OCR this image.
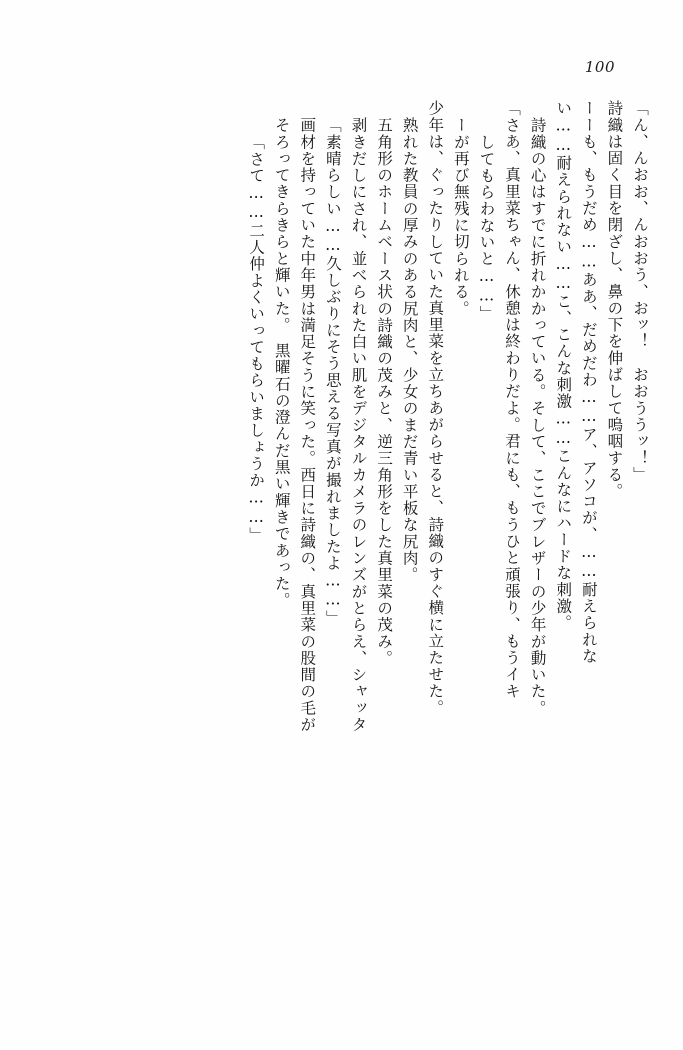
100
「ん、んおお、んおおう、おッ！　おおううッ！」
詩織は固く目を閉ざし、鼻の下を伸ばして嗚咽する。
ーーも、もうだめ……ああ、だめだわ……ア、アソコが、……耐えられな
い……耐えられない……こ、こんな刺激……こんなにハードな刺激。
詩織の心はすでに折れかかっている。そして、ここでブレザーの少年が動いた。
「さあ、真里菜ちゃん、休憩は終わりだよ。君にも、もうひと頑張り、もうイキ
してもらわないと……」
ーが再び無残に切られる。
少年は、ぐったりしていた真里菜を立ちあがらせると、詩織のすぐ横に立たせた。
熟れた教員の厚みのある尻肉と、少女のまだ青い平板な尻肉。
五角形のホームベース状の詩織の茂みと、逆三角形をした真里菜の茂み。
剥きだしにされ、並べられた白い肌をデジタルカメラのレンズがとらえ、シャッタ
「素晴らしい……久しぶりにそう思える写真が撮れましたよ……」
画材を持っていた中年男は満足そうに笑った。西日に詩織の、真里菜の股間の毛が
そろってきらきらと輝いた。　黒曜石の澄んだ黒い輝きであった。
「さて……二人仲よくいってもらいましょうか……」
